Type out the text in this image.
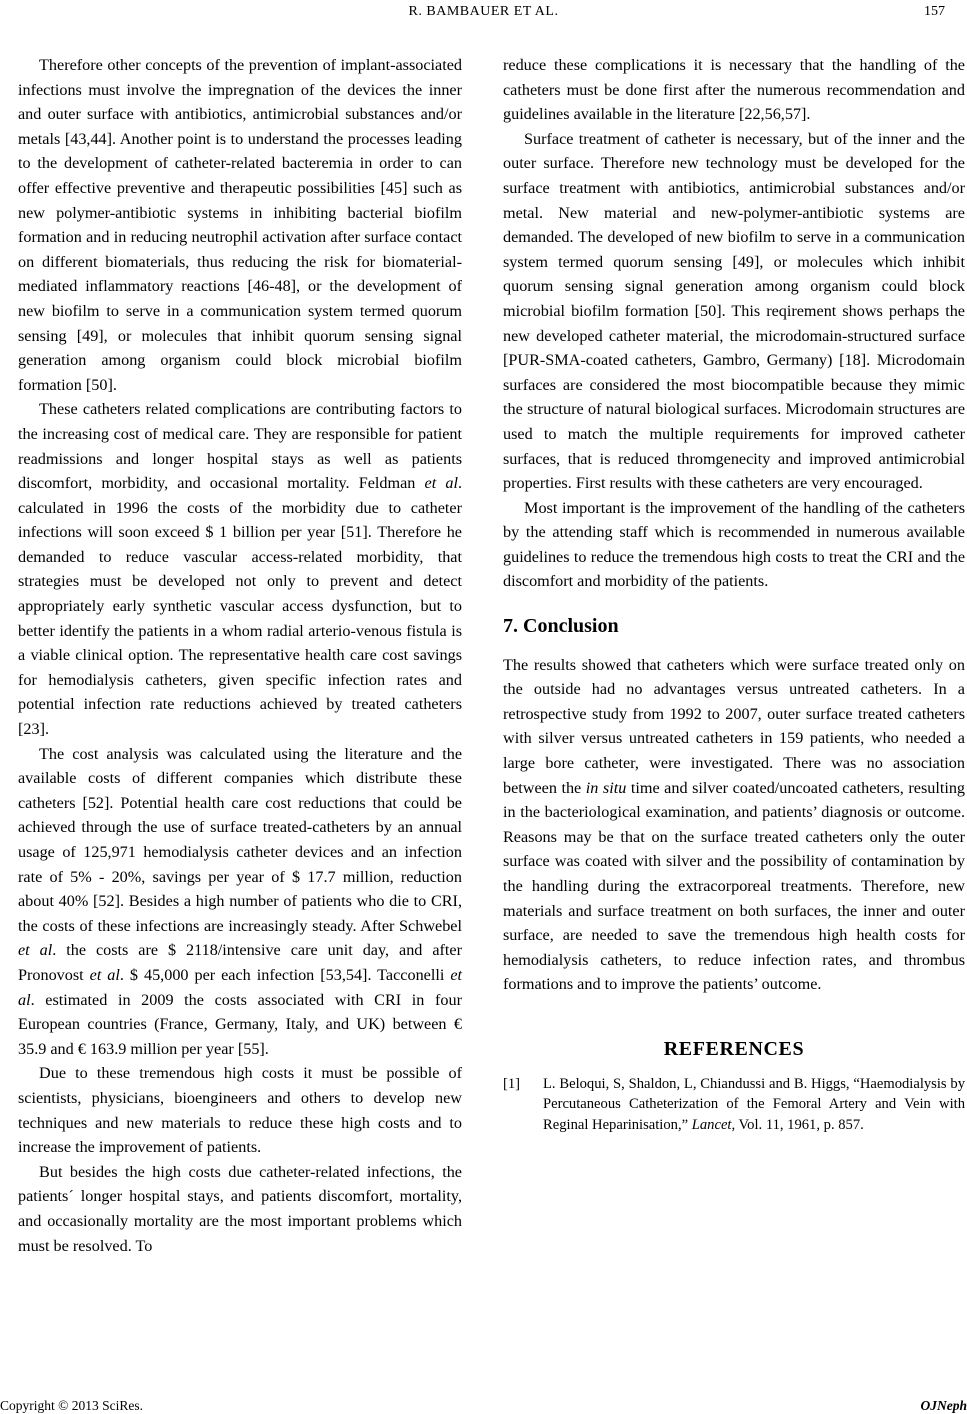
R. BAMBAUER ET AL.	157

Therefore other concepts of the prevention of implant-associated infections must involve the impregnation of the devices the inner and outer surface with antibiotics, antimicrobial substances and/or metals [43,44]. Another point is to understand the processes leading to the development of catheter-related bacteremia in order to can offer effective preventive and therapeutic possibilities [45] such as new polymer-antibiotic systems in inhibiting bacterial biofilm formation and in reducing neutrophil activation after surface contact on different biomaterials, thus reducing the risk for biomaterial-mediated inflammatory reactions [46-48], or the development of new biofilm to serve in a communication system termed quorum sensing [49], or molecules that inhibit quorum sensing signal generation among organism could block microbial biofilm formation [50].

These catheters related complications are contributing factors to the increasing cost of medical care. They are responsible for patient readmissions and longer hospital stays as well as patients discomfort, morbidity, and occasional mortality. Feldman et al. calculated in 1996 the costs of the morbidity due to catheter infections will soon exceed $ 1 billion per year [51]. Therefore he demanded to reduce vascular access-related morbidity, that strategies must be developed not only to prevent and detect appropriately early synthetic vascular access dysfunction, but to better identify the patients in a whom radial arterio-venous fistula is a viable clinical option. The representative health care cost savings for hemodialysis catheters, given specific infection rates and potential infection rate reductions achieved by treated catheters [23].

The cost analysis was calculated using the literature and the available costs of different companies which distribute these catheters [52]. Potential health care cost reductions that could be achieved through the use of surface treated-catheters by an annual usage of 125,971 hemodialysis catheter devices and an infection rate of 5% - 20%, savings per year of $ 17.7 million, reduction about 40% [52]. Besides a high number of patients who die to CRI, the costs of these infections are increasingly steady. After Schwebel et al. the costs are $ 2118/intensive care unit day, and after Pronovost et al. $ 45,000 per each infection [53,54]. Tacconelli et al. estimated in 2009 the costs associated with CRI in four European countries (France, Germany, Italy, and UK) between € 35.9 and € 163.9 million per year [55].

Due to these tremendous high costs it must be possible of scientists, physicians, bioengineers and others to develop new techniques and new materials to reduce these high costs and to increase the improvement of patients.

But besides the high costs due catheter-related infections, the patients´ longer hospital stays, and patients discomfort, mortality, and occasionally mortality are the most important problems which must be resolved. To

reduce these complications it is necessary that the handling of the catheters must be done first after the numerous recommendation and guidelines available in the literature [22,56,57].

Surface treatment of catheter is necessary, but of the inner and the outer surface. Therefore new technology must be developed for the surface treatment with antibiotics, antimicrobial substances and/or metal. New material and new-polymer-antibiotic systems are demanded. The developed of new biofilm to serve in a communication system termed quorum sensing [49], or molecules which inhibit quorum sensing signal generation among organism could block microbial biofilm formation [50]. This reqirement shows perhaps the new developed catheter material, the microdomain-structured surface [PUR-SMA-coated catheters, Gambro, Germany) [18]. Microdomain surfaces are considered the most biocompatible because they mimic the structure of natural biological surfaces. Microdomain structures are used to match the multiple requirements for improved catheter surfaces, that is reduced thromgenecity and improved antimicrobial properties. First results with these catheters are very encouraged.

Most important is the improvement of the handling of the catheters by the attending staff which is recommended in numerous available guidelines to reduce the tremendous high costs to treat the CRI and the discomfort and morbidity of the patients.

7. Conclusion

The results showed that catheters which were surface treated only on the outside had no advantages versus untreated catheters. In a retrospective study from 1992 to 2007, outer surface treated catheters with silver versus untreated catheters in 159 patients, who needed a large bore catheter, were investigated. There was no association between the in situ time and silver coated/uncoated catheters, resulting in the bacteriological examination, and patients’ diagnosis or outcome. Reasons may be that on the surface treated catheters only the outer surface was coated with silver and the possibility of contamination by the handling during the extracorporeal treatments. Therefore, new materials and surface treatment on both surfaces, the inner and outer surface, are needed to save the tremendous high health costs for hemodialysis catheters, to reduce infection rates, and thrombus formations and to improve the patients’ outcome.

REFERENCES
[1] L. Beloqui, S, Shaldon, L, Chiandussi and B. Higgs, “Haemodialysis by Percutaneous Catheterization of the Femoral Artery and Vein with Reginal Heparinisation,” Lancet, Vol. 11, 1961, p. 857.
Copyright © 2013 SciRes.	OJNeph
